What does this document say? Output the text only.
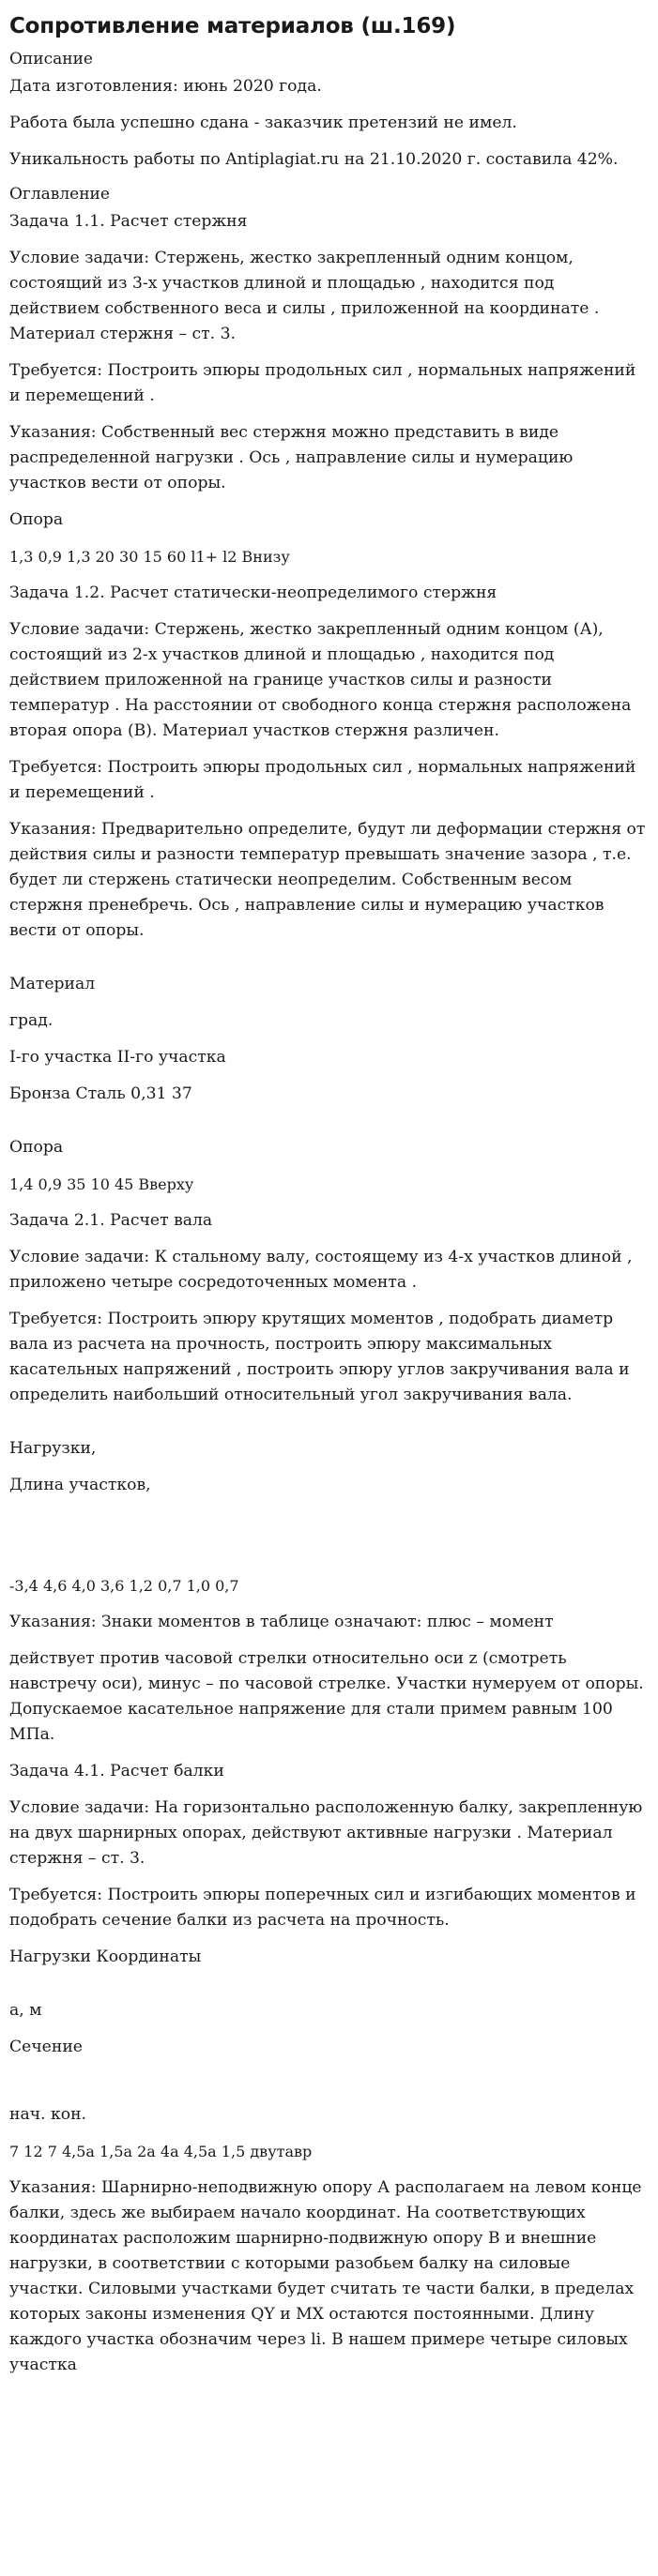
Сопротивление материалов (ш.169)
Описание

Дата изготовления: июнь 2020 года.

Работа была успешно сдана - заказчик претензий не имел.

Уникальность работы по Antiplagiat.ru на 21.10.2020 г. составила 42%.

Оглавление

Задача 1.1. Расчет стержня

Условие задачи: Стержень, жестко закрепленный одним концом, состоящий из 3-х участков длиной и площадью , находится под действием собственного веса и силы , приложенной на координате . Материал стержня – ст. 3.

Требуется: Построить эпюры продольных сил , нормальных напряжений и перемещений .

Указания: Собственный вес стержня можно представить в виде распределенной нагрузки . Ось , направление силы и нумерацию участков вести от опоры.

Опора

1,3 0,9 1,3 20 30 15 60 l1+ l2 Внизу

Задача 1.2. Расчет статически-неопределимого стержня

Условие задачи: Стержень, жестко закрепленный одним концом (А), состоящий из 2-х участков длиной и площадью , находится под действием приложенной на границе участков силы и разности температур . На расстоянии от свободного конца стержня расположена вторая опора (В). Материал участков стержня различен.

Требуется: Построить эпюры продольных сил , нормальных напряжений и перемещений .

Указания: Предварительно определите, будут ли деформации стержня от действия силы и разности температур превышать значение зазора , т.е. будет ли стержень статически неопределим. Собственным весом стержня пренебречь. Ось , направление силы и нумерацию участков вести от опоры.

Материал

град.

I-го участка II-го участка

Бронза Сталь 0,31 37

Опора

1,4 0,9 35 10 45 Вверху

Задача 2.1. Расчет вала

Условие задачи: К стальному валу, состоящему из 4-х участков длиной , приложено четыре сосредоточенных момента .

Требуется: Построить эпюру крутящих моментов , подобрать диаметр вала из расчета на прочность, построить эпюру максимальных касательных напряжений , построить эпюру углов закручивания вала и определить наибольший относительный угол закручивания вала.

Нагрузки,

Длина участков,

-3,4 4,6 4,0 3,6 1,2 0,7 1,0 0,7

Указания: Знаки моментов в таблице означают: плюс – момент

действует против часовой стрелки относительно оси z (смотреть навстречу оси), минус – по часовой стрелке. Участки нумеруем от опоры. Допускаемое касательное напряжение для стали примем равным 100 МПа.

Задача 4.1. Расчет балки

Условие задачи: На горизонтально расположенную балку, закрепленную на двух шарнирных опорах, действуют активные нагрузки . Материал стержня – ст. 3.

Требуется: Построить эпюры поперечных сил и изгибающих моментов и подобрать сечение балки из расчета на прочность.

Нагрузки Координаты

а, м

Сечение

нач. кон.

7 12 7 4,5а 1,5а 2а 4а 4,5а 1,5 двутавр

Указания: Шарнирно-неподвижную опору А располагаем на левом конце балки, здесь же выбираем начало координат. На соответствующих координатах расположим шарнирно-подвижную опору В и внешние нагрузки, в соответствии с которыми разобьем балку на силовые участки. Силовыми участками будет считать те части балки, в пределах которых законы изменения QY и MX остаются постоянными. Длину каждого участка обозначим через li. В нашем примере четыре силовых участка
